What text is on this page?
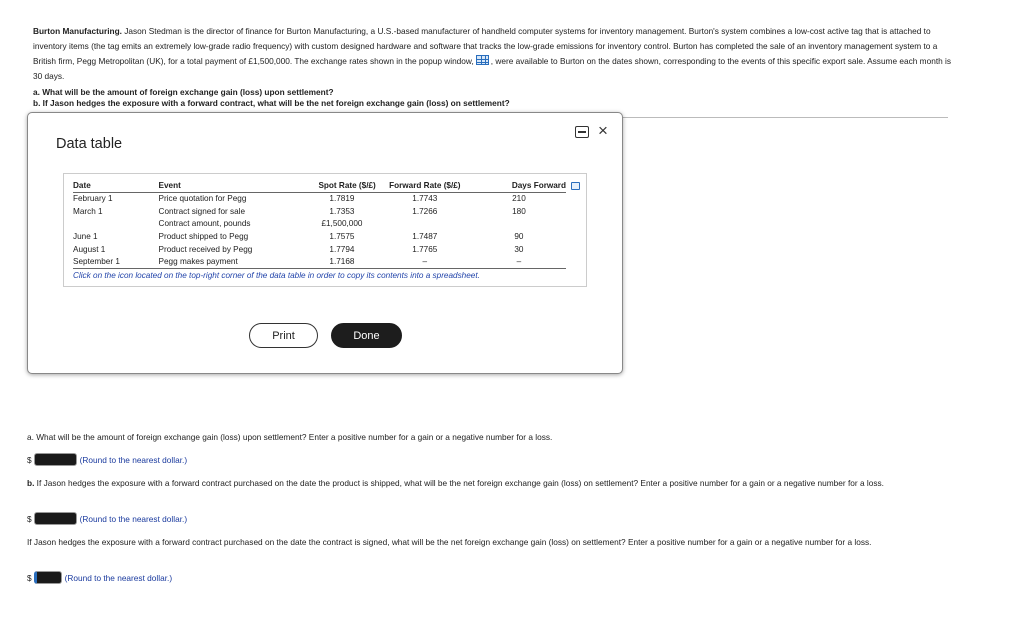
Burton Manufacturing. Jason Stedman is the director of finance for Burton Manufacturing, a U.S.-based manufacturer of handheld computer systems for inventory management. Burton's system combines a low-cost active tag that is attached to inventory items (the tag emits an extremely low-grade radio frequency) with custom designed hardware and software that tracks the low-grade emissions for inventory control. Burton has completed the sale of an inventory management system to a British firm, Pegg Metropolitan (UK), for a total payment of £1,500,000. The exchange rates shown in the popup window, , were available to Burton on the dates shown, corresponding to the events of this specific export sale. Assume each month is 30 days.
a. What will be the amount of foreign exchange gain (loss) upon settlement?
b. If Jason hedges the exposure with a forward contract, what will be the net foreign exchange gain (loss) on settlement?
Data table
×
Date	Event	Spot Rate ($/£)	Forward Rate ($/£)	Days Forward
February 1	Price quotation for Pegg	1.7819	1.7743	210
March 1	Contract signed for sale	1.7353	1.7266	180
	Contract amount, pounds	£1,500,000		
June 1	Product shipped to Pegg	1.7575	1.7487	90
August 1	Product received by Pegg	1.7794	1.7765	30
September 1	Pegg makes payment	1.7168	–	–
Click on the icon located on the top-right corner of the data table in order to copy its contents into a spreadsheet.
Print	Done
a. What will be the amount of foreign exchange gain (loss) upon settlement? Enter a positive number for a gain or a negative number for a loss.
$	(Round to the nearest dollar.)
b. If Jason hedges the exposure with a forward contract purchased on the date the product is shipped, what will be the net foreign exchange gain (loss) on settlement? Enter a positive number for a gain or a negative number for a loss.
$	(Round to the nearest dollar.)
If Jason hedges the exposure with a forward contract purchased on the date the contract is signed, what will be the net foreign exchange gain (loss) on settlement? Enter a positive number for a gain or a negative number for a loss.
$	(Round to the nearest dollar.)
